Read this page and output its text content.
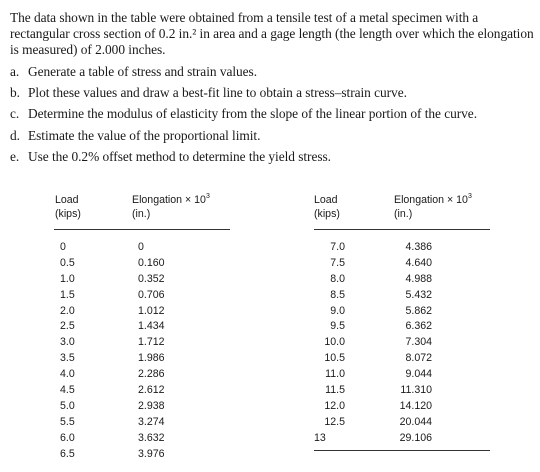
The data shown in the table were obtained from a tensile test of a metal specimen with a rectangular cross section of 0.2 in.² in area and a gage length (the length over which the elongation is measured) of 2.000 inches.

a. Generate a table of stress and strain values.
b. Plot these values and draw a best-fit line to obtain a stress–strain curve.
c. Determine the modulus of elasticity from the slope of the linear portion of the curve.
d. Estimate the value of the proportional limit.
e. Use the 0.2% offset method to determine the yield stress.
Load
(kips)
Elongation × $10^3$
(in.)
Load
(kips)
Elongation × $10^3$
(in.)
0
0.5
1.0
1.5
2.0
2.5
3.0
3.5
4.0
4.5
5.0
5.5
6.0
6.5
0
0.160
0.352
0.706
1.012
1.434
1.712
1.986
2.286
2.612
2.938
3.274
3.632
3.976
7.0
7.5
8.0
8.5
9.0
9.5
10.0
10.5
11.0
11.5
12.0
12.5
13
4.386
4.640
4.988
5.432
5.862
6.362
7.304
8.072
9.044
11.310
14.120
20.044
29.106
